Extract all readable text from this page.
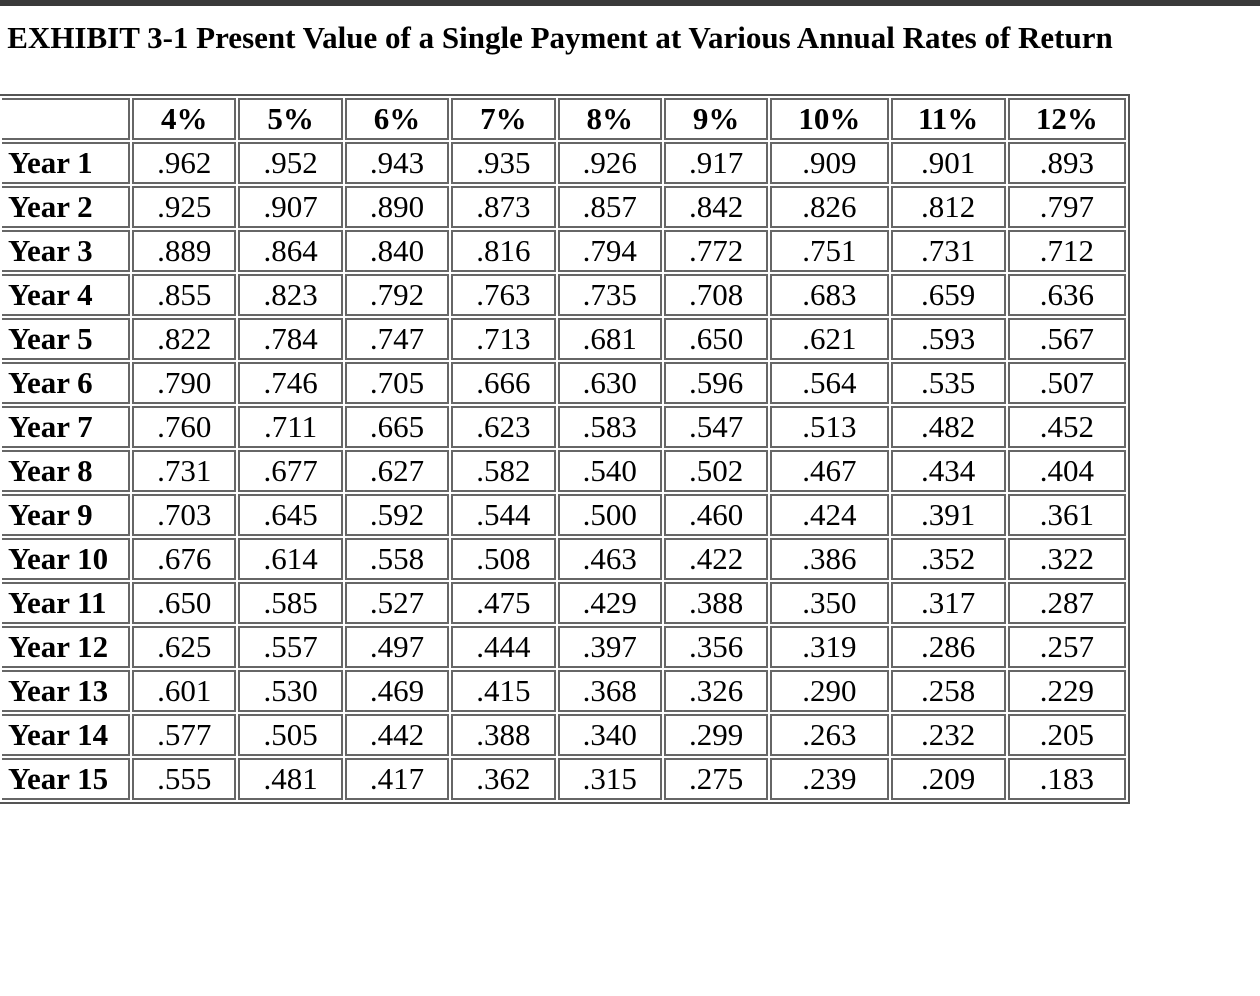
EXHIBIT 3-1 Present Value of a Single Payment at Various Annual Rates of Return
	4%	5%	6%	7%	8%	9%	10%	11%	12%
Year 1	.962	.952	.943	.935	.926	.917	.909	.901	.893
Year 2	.925	.907	.890	.873	.857	.842	.826	.812	.797
Year 3	.889	.864	.840	.816	.794	.772	.751	.731	.712
Year 4	.855	.823	.792	.763	.735	.708	.683	.659	.636
Year 5	.822	.784	.747	.713	.681	.650	.621	.593	.567
Year 6	.790	.746	.705	.666	.630	.596	.564	.535	.507
Year 7	.760	.711	.665	.623	.583	.547	.513	.482	.452
Year 8	.731	.677	.627	.582	.540	.502	.467	.434	.404
Year 9	.703	.645	.592	.544	.500	.460	.424	.391	.361
Year 10	.676	.614	.558	.508	.463	.422	.386	.352	.322
Year 11	.650	.585	.527	.475	.429	.388	.350	.317	.287
Year 12	.625	.557	.497	.444	.397	.356	.319	.286	.257
Year 13	.601	.530	.469	.415	.368	.326	.290	.258	.229
Year 14	.577	.505	.442	.388	.340	.299	.263	.232	.205
Year 15	.555	.481	.417	.362	.315	.275	.239	.209	.183
